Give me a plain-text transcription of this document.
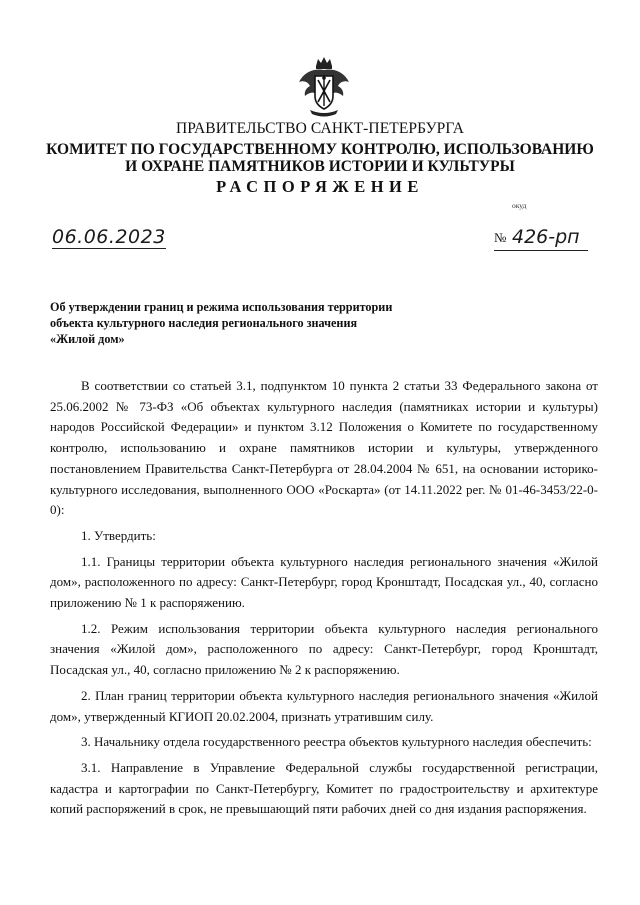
ПРАВИТЕЛЬСТВО САНКТ-ПЕТЕРБУРГА
КОМИТЕТ ПО ГОСУДАРСТВЕННОМУ КОНТРОЛЮ, ИСПОЛЬЗОВАНИЮ
И ОХРАНЕ ПАМЯТНИКОВ ИСТОРИИ И КУЛЬТУРЫ
РАСПОРЯЖЕНИЕ
окуд
06.06.2023	№ 426-рп
Об утверждении границ и режима использования территории
объекта культурного наследия регионального значения
«Жилой дом»

В соответствии со статьей 3.1, подпунктом 10 пункта 2 статьи 33 Федерального закона от 25.06.2002 № 73-ФЗ «Об объектах культурного наследия (памятниках истории и культуры) народов Российской Федерации» и пунктом 3.12 Положения о Комитете по государственному контролю, использованию и охране памятников истории и культуры, утвержденного постановлением Правительства Санкт-Петербурга от 28.04.2004 № 651, на основании историко-культурного исследования, выполненного ООО «Роскарта» (от 14.11.2022 рег. № 01-46-3453/22-0-0):

1. Утвердить:

1.1. Границы территории объекта культурного наследия регионального значения «Жилой дом», расположенного по адресу: Санкт-Петербург, город Кронштадт, Посадская ул., 40, согласно приложению № 1 к распоряжению.

1.2. Режим использования территории объекта культурного наследия регионального значения «Жилой дом», расположенного по адресу: Санкт-Петербург, город Кронштадт, Посадская ул., 40, согласно приложению № 2 к распоряжению.

2. План границ территории объекта культурного наследия регионального значения «Жилой дом», утвержденный КГИОП 20.02.2004, признать утратившим силу.

3. Начальнику отдела государственного реестра объектов культурного наследия обеспечить:

3.1. Направление в Управление Федеральной службы государственной регистрации, кадастра и картографии по Санкт-Петербургу, Комитет по градостроительству и архитектуре копий распоряжений в срок, не превышающий пяти рабочих дней со дня издания распоряжения.
